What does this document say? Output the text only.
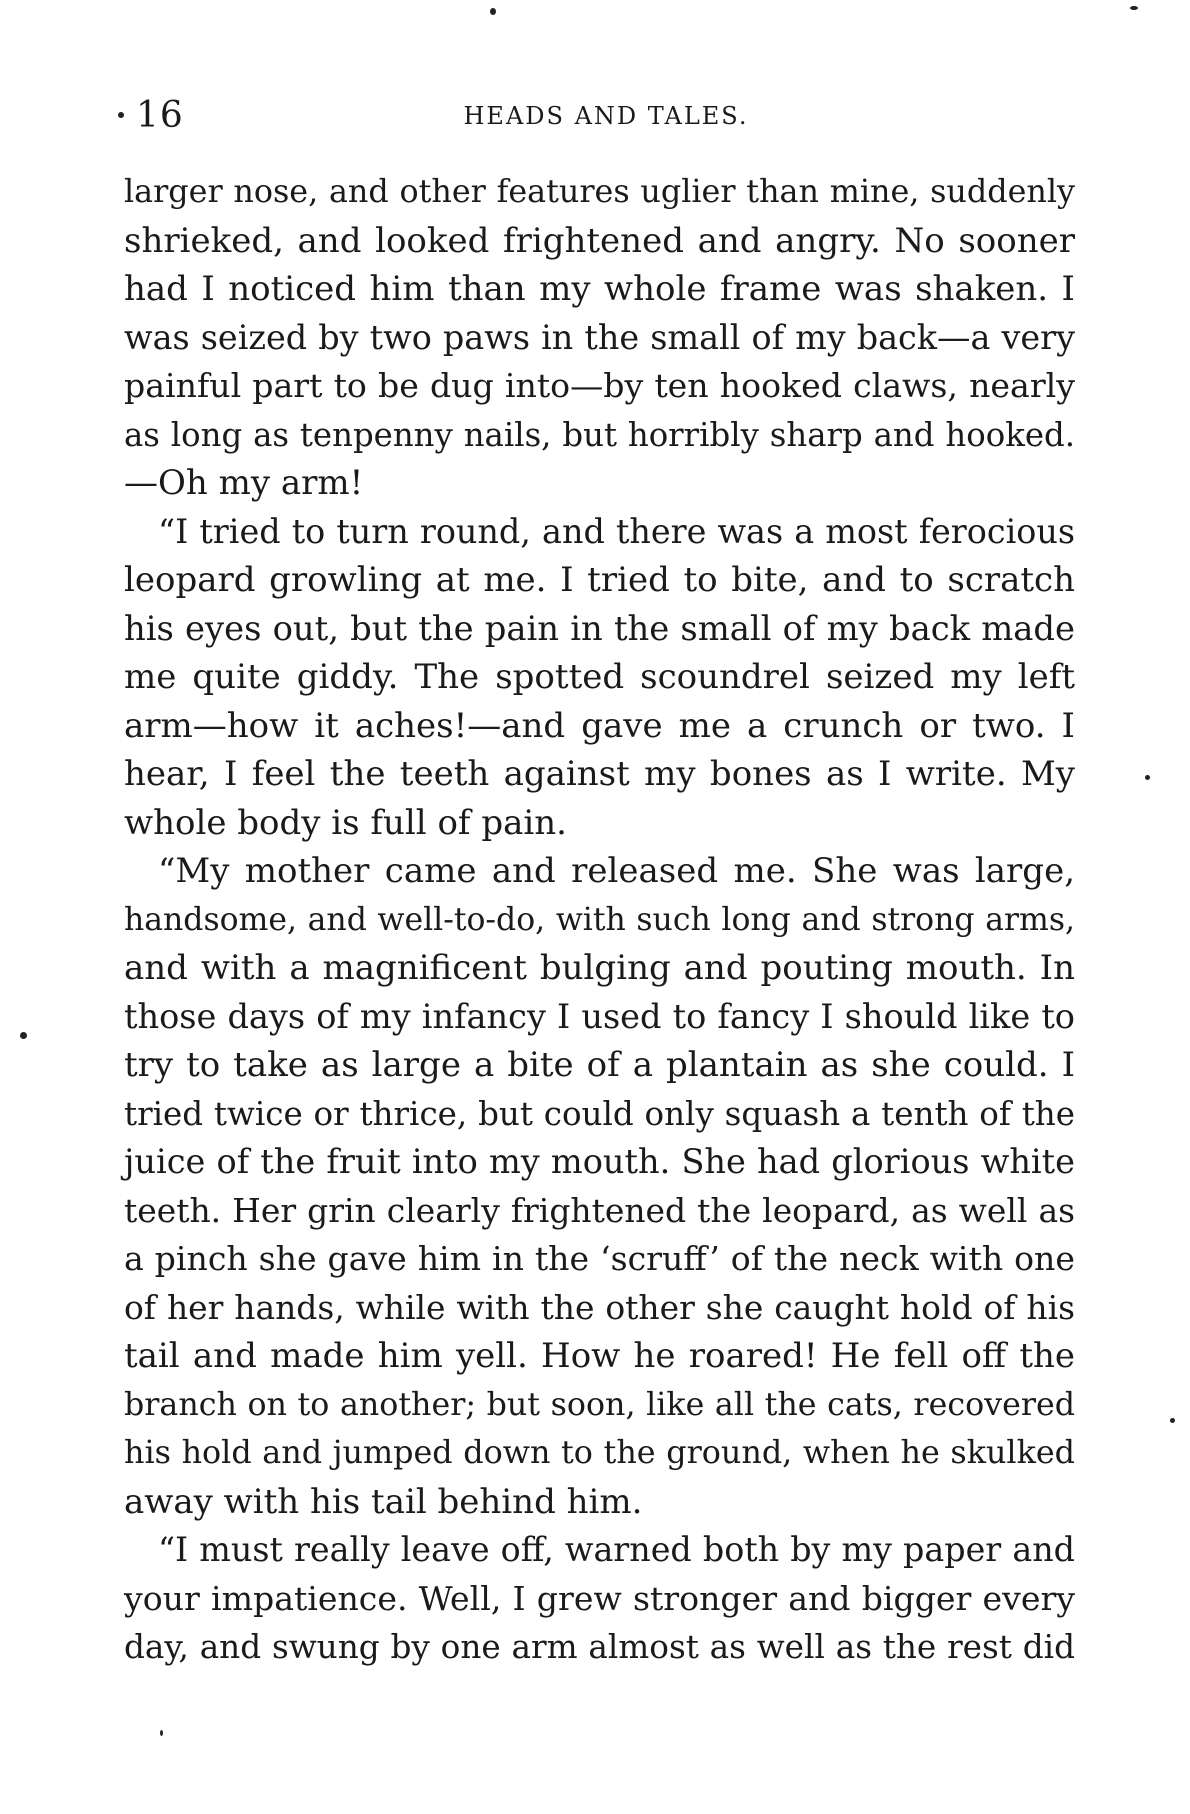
16	HEADS AND TALES.
larger nose, and other features uglier than mine, suddenly
shrieked, and looked frightened and angry. No sooner
had I noticed him than my whole frame was shaken. I
was seized by two paws in the small of my back—a very
painful part to be dug into—by ten hooked claws, nearly
as long as tenpenny nails, but horribly sharp and hooked.
—Oh my arm!
“I tried to turn round, and there was a most ferocious
leopard growling at me. I tried to bite, and to scratch
his eyes out, but the pain in the small of my back made
me quite giddy. The spotted scoundrel seized my left
arm—how it aches!—and gave me a crunch or two. I
hear, I feel the teeth against my bones as I write. My
whole body is full of pain.
“My mother came and released me. She was large,
handsome, and well-to-do, with such long and strong arms,
and with a magnificent bulging and pouting mouth. In
those days of my infancy I used to fancy I should like to
try to take as large a bite of a plantain as she could. I
tried twice or thrice, but could only squash a tenth of the
juice of the fruit into my mouth. She had glorious white
teeth. Her grin clearly frightened the leopard, as well as
a pinch she gave him in the ‘scruff’ of the neck with one
of her hands, while with the other she caught hold of his
tail and made him yell. How he roared! He fell off the
branch on to another; but soon, like all the cats, recovered
his hold and jumped down to the ground, when he skulked
away with his tail behind him.
“I must really leave off, warned both by my paper and
your impatience. Well, I grew stronger and bigger every
day, and swung by one arm almost as well as the rest did
